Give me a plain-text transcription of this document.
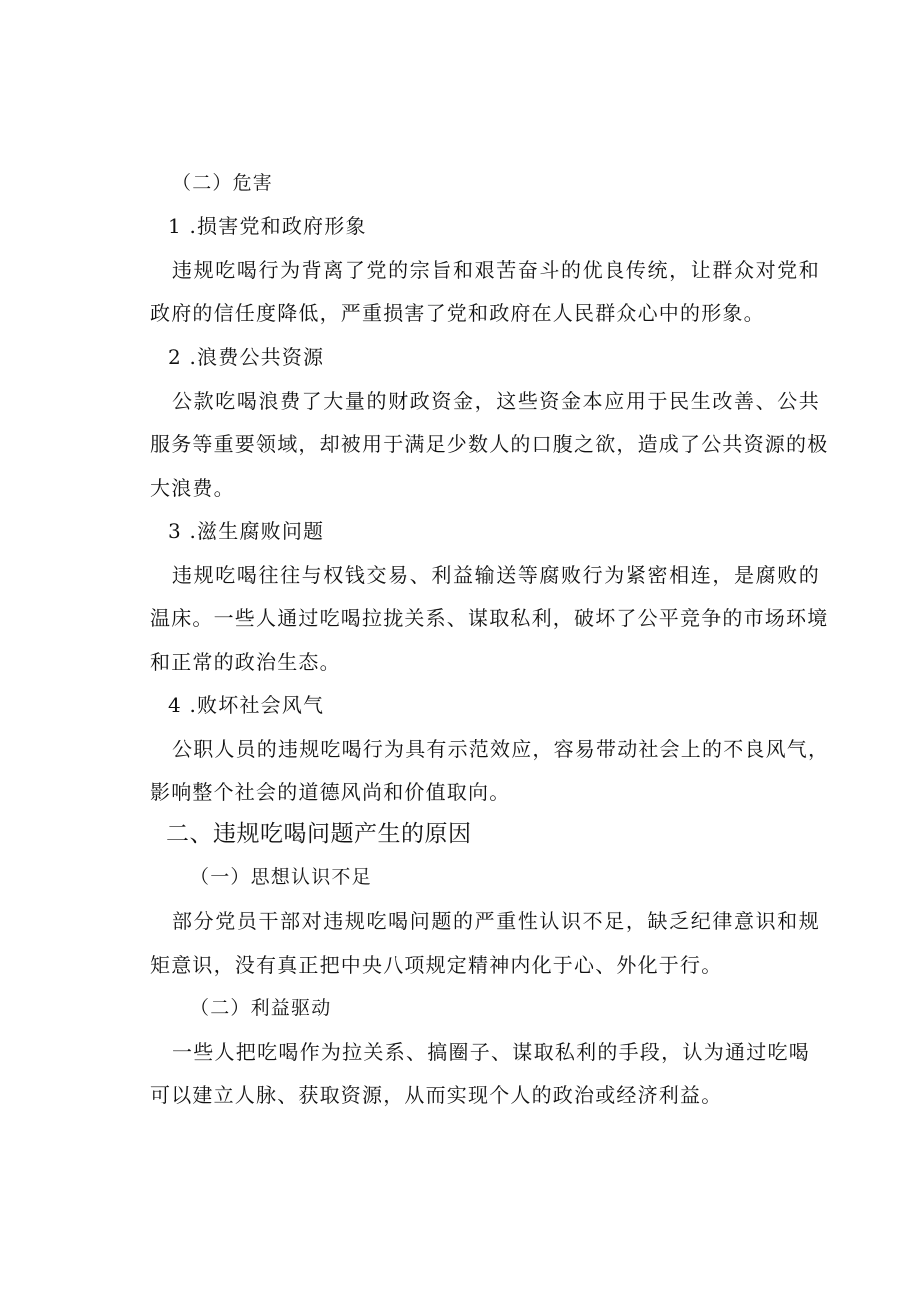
（二）危害
1 .损害党和政府形象
违规吃喝行为背离了党的宗旨和艰苦奋斗的优良传统，让群众对党和
政府的信任度降低，严重损害了党和政府在人民群众心中的形象。
2 .浪费公共资源
公款吃喝浪费了大量的财政资金，这些资金本应用于民生改善、公共
服务等重要领域，却被用于满足少数人的口腹之欲，造成了公共资源的极
大浪费。
3 .滋生腐败问题
违规吃喝往往与权钱交易、利益输送等腐败行为紧密相连，是腐败的
温床。一些人通过吃喝拉拢关系、谋取私利，破坏了公平竞争的市场环境
和正常的政治生态。
4 .败坏社会风气
公职人员的违规吃喝行为具有示范效应，容易带动社会上的不良风气，
影响整个社会的道德风尚和价值取向。
二、违规吃喝问题产生的原因
（一）思想认识不足
部分党员干部对违规吃喝问题的严重性认识不足，缺乏纪律意识和规
矩意识，没有真正把中央八项规定精神内化于心、外化于行。
（二）利益驱动
一些人把吃喝作为拉关系、搞圈子、谋取私利的手段，认为通过吃喝
可以建立人脉、获取资源，从而实现个人的政治或经济利益。
